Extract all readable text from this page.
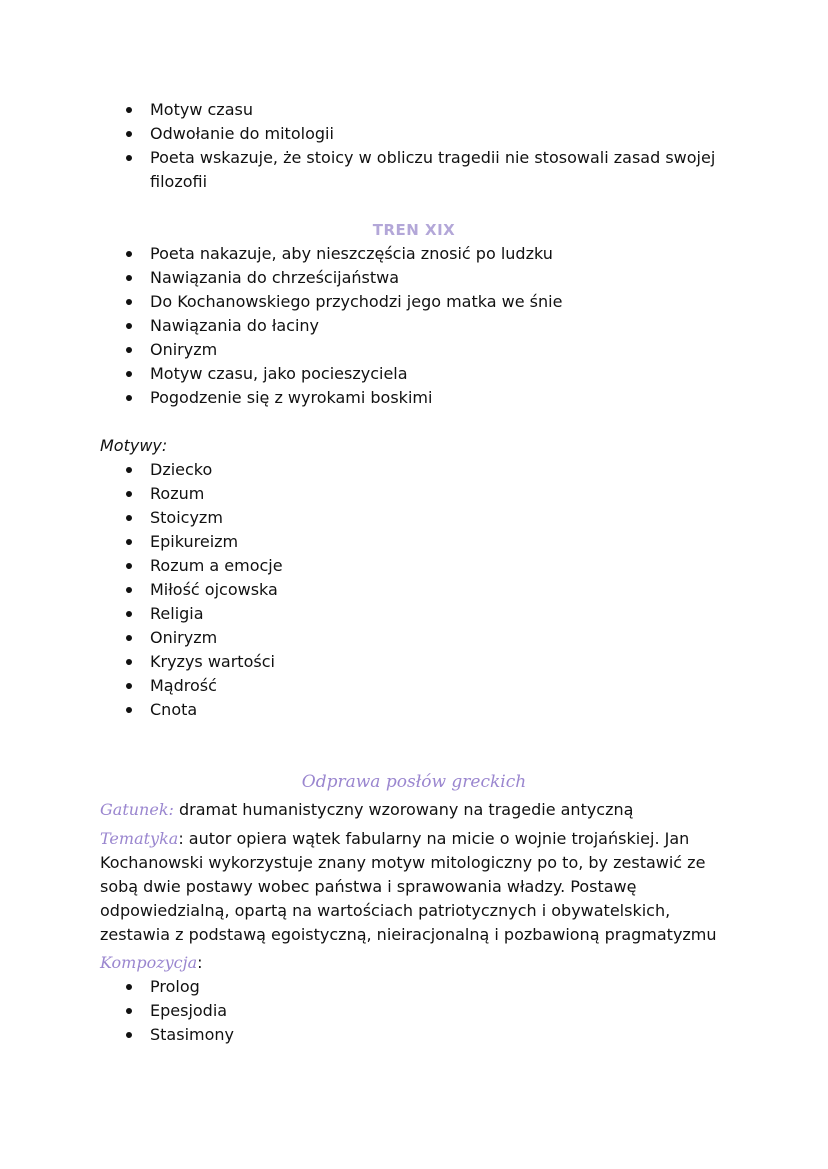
Motyw czasu
Odwołanie do mitologii
Poeta wskazuje, że stoicy w obliczu tragedii nie stosowali zasad swojej filozofii
TREN XIX
Poeta nakazuje, aby nieszczęścia znosić po ludzku
Nawiązania do chrześcijaństwa
Do Kochanowskiego przychodzi jego matka we śnie
Nawiązania do łaciny
Oniryzm
Motyw czasu, jako pocieszyciela
Pogodzenie się z wyrokami boskimi
Motywy:
Dziecko
Rozum
Stoicyzm
Epikureizm
Rozum a emocje
Miłość ojcowska
Religia
Oniryzm
Kryzys wartości
Mądrość
Cnota
Odprawa posłów greckich
Gatunek: dramat humanistyczny wzorowany na tragedie antyczną
Tematyka: autor opiera wątek fabularny na micie o wojnie trojańskiej. Jan Kochanowski wykorzystuje znany motyw mitologiczny po to, by zestawić ze sobą dwie postawy wobec państwa i sprawowania władzy. Postawę odpowiedzialną, opartą na wartościach patriotycznych i obywatelskich, zestawia z podstawą egoistyczną, nieiracjonalną i pozbawioną pragmatyzmu
Kompozycja:
Prolog
Epesjodia
Stasimony
